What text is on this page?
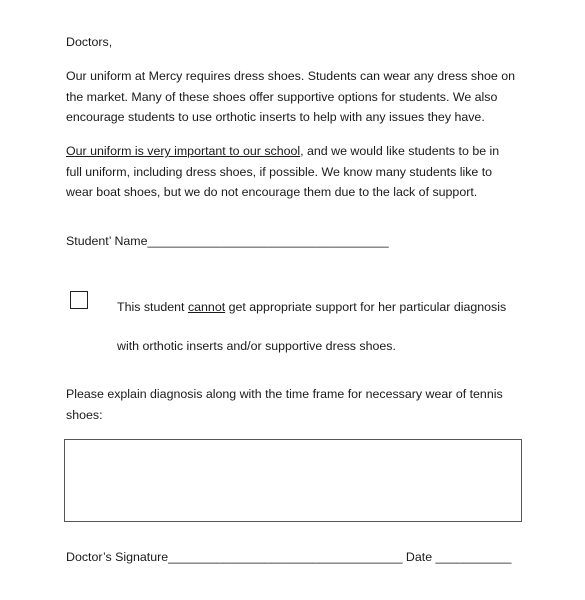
Doctors,
Our uniform at Mercy requires dress shoes. Students can wear any dress shoe on
the market. Many of these shoes offer supportive options for students. We also
encourage students to use orthotic inserts to help with any issues they have.
Our uniform is very important to our school, and we would like students to be in
full uniform, including dress shoes, if possible. We know many students like to
wear boat shoes, but we do not encourage them due to the lack of support.
Student’ Name___________________________________
This student cannot get appropriate support for her particular diagnosis
with orthotic inserts and/or supportive dress shoes.
Please explain diagnosis along with the time frame for necessary wear of tennis
shoes:
Doctor’s Signature__________________________________ Date ___________
